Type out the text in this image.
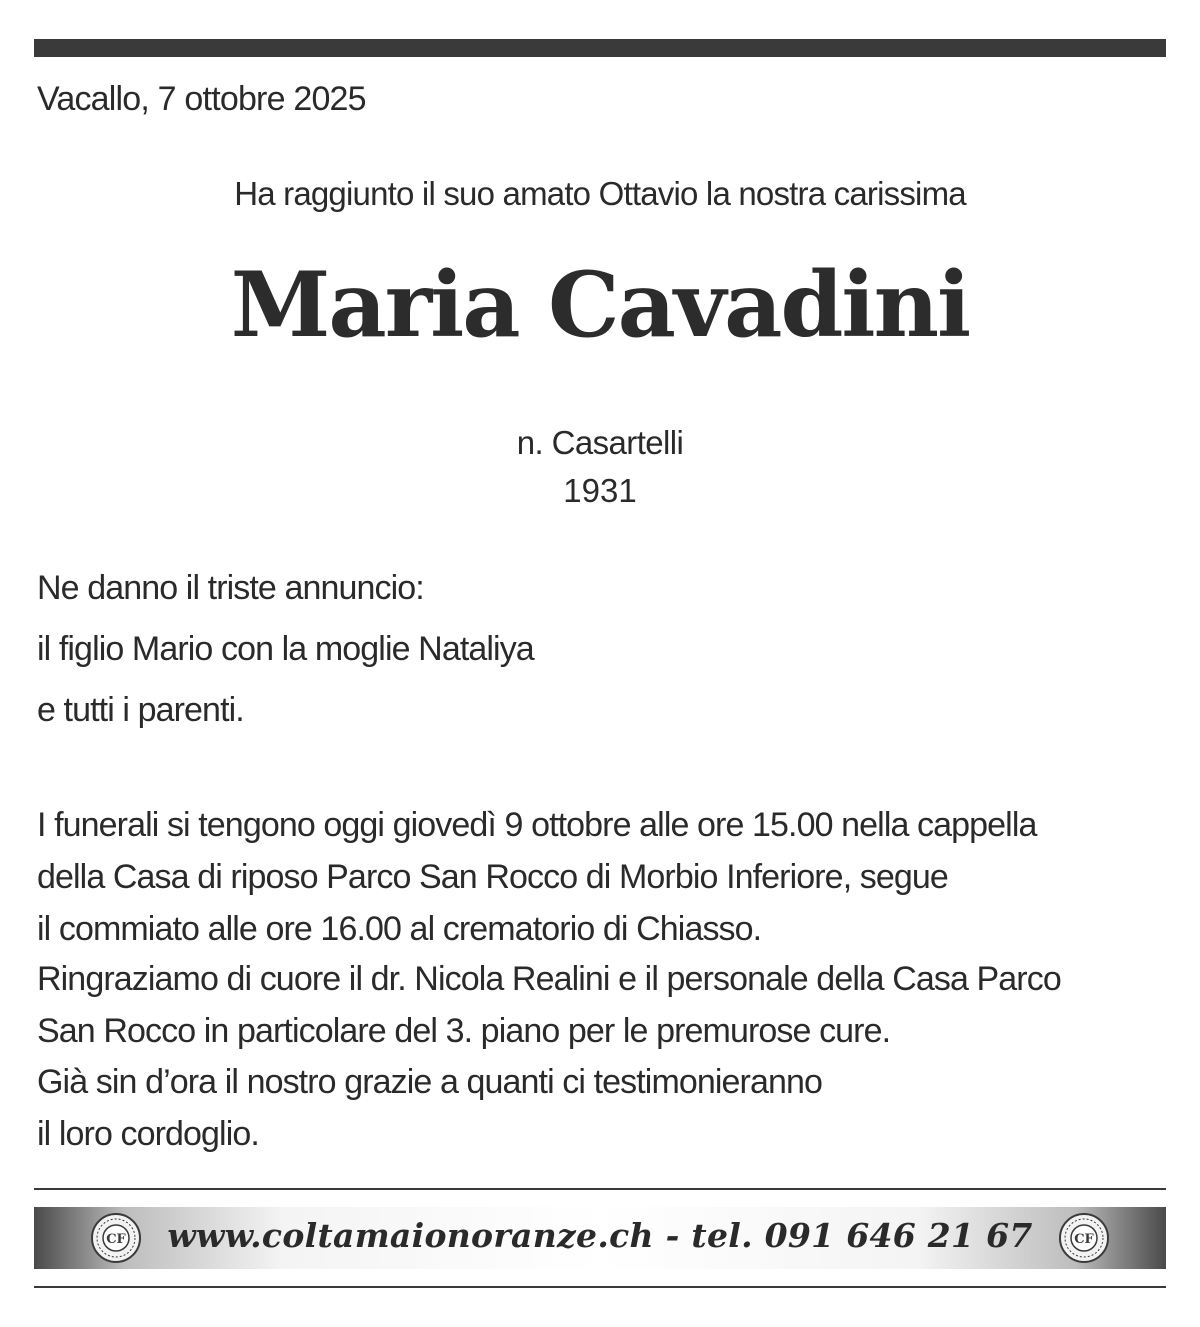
Vacallo, 7 ottobre 2025
Ha raggiunto il suo amato Ottavio la nostra carissima
Maria Cavadini
n. Casartelli
1931
Ne danno il triste annuncio:
il figlio Mario con la moglie Nataliya
e tutti i parenti.
I funerali si tengono oggi giovedì 9 ottobre alle ore 15.00 nella cappella
della Casa di riposo Parco San Rocco di Morbio Inferiore, segue
il commiato alle ore 16.00 al crematorio di Chiasso.
Ringraziamo di cuore il dr. Nicola Realini e il personale della Casa Parco
San Rocco in particolare del 3. piano per le premurose cure.
Già sin d’ora il nostro grazie a quanti ci testimonieranno
il loro cordoglio.
CF	www.coltamaionoranze.ch - tel. 091 646 21 67	CF
